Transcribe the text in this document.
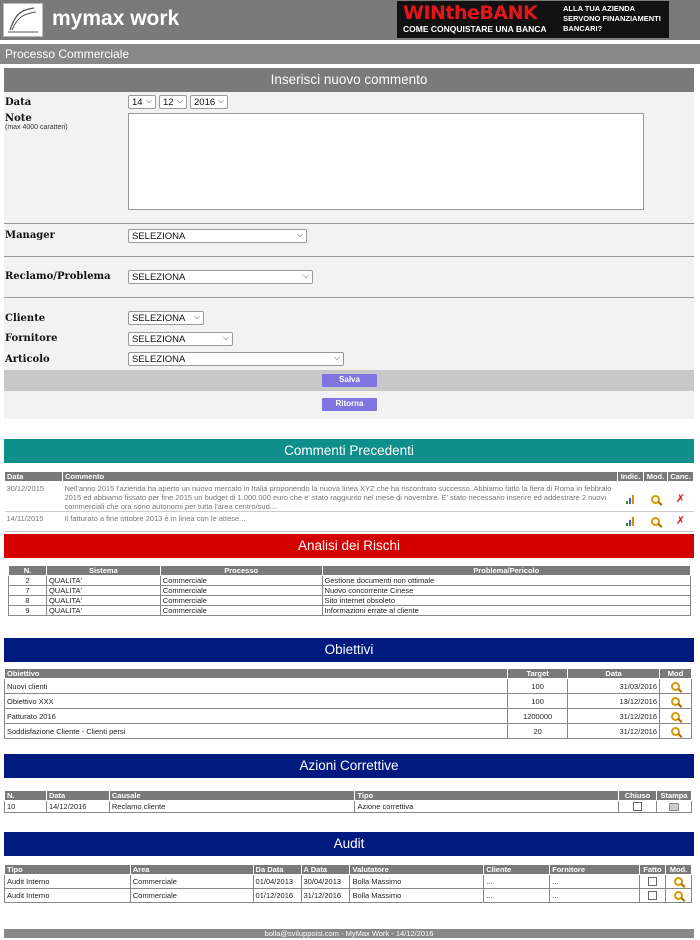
mymax work	WINtheBANK
COME CONQUISTARE UNA BANCA
ALLA TUA AZIENDA SERVONO FINANZIAMENTI BANCARI?
Processo Commerciale
Inserisci nuovo commento
Data	14 ⌵	12 ⌵	2016 ⌵
Note
(max 4000 caratteri)
Manager	SELEZIONA	⌵
Reclamo/Problema	SELEZIONA	⌵
Cliente	SELEZIONA ⌵
Fornitore	SELEZIONA	⌵
Articolo	SELEZIONA	⌵
Salva
Ritorna
Commenti Precedenti
Data	Commento	Indic.	Mod.	Canc.
30/12/2015	Nell'anno 2015 l'azienda ha aperto un nuovo mercato in Italia proponendo la nuova linea XYZ che ha riscontrato successo. Abbiamo fatto la fiera di Roma in febbraio 2015 ed abbiamo fissato per fine 2015 un budget di 1.000.000 euro che e' stato raggiunto nel mese di novembre. E' stato necessario inserire ed addestrare 2 nuovi commerciali che ora sono autonomi per tutta l'area centro/sud....			✗
14/11/2015	Il fatturato a fine ottobre 2013 è in linea con le attese...			✗
Analisi dei Rischi
N.	Sistema	Processo	Problema/Pericolo
2	QUALITA'	Commerciale	Gestione documenti non ottimale
7	QUALITA'	Commerciale	Nuovo concorrente Cinese
8	QUALITA'	Commerciale	Sito internet obsoleto
9	QUALITA'	Commerciale	Informazioni errate al cliente
Obiettivi
Obiettivo	Target	Data	Mod
Nuovi clienti	100	31/03/2016	
Obiettivo XXX	100	13/12/2016	
Fatturato 2016	1200000	31/12/2016	
Soddisfazione Cliente - Clienti persi	20	31/12/2016	
Azioni Correttive
N.	Data	Causale	Tipo	Chiuso	Stampa
10	14/12/2016	Reclamo cliente	Azione correttiva		
Audit
Tipo	Area	Da Data	A Data	Valutatore	Cliente	Fornitore	Fatto	Mod.
Audit Interno	Commerciale	01/04/2013	30/04/2013	Bolla Massimo	...	...		
Audit Interno	Commerciale	01/12/2016	31/12/2016	Bolla Massimo	...	...		
bolla@sviluppoisi.com - MyMax Work - 14/12/2016
